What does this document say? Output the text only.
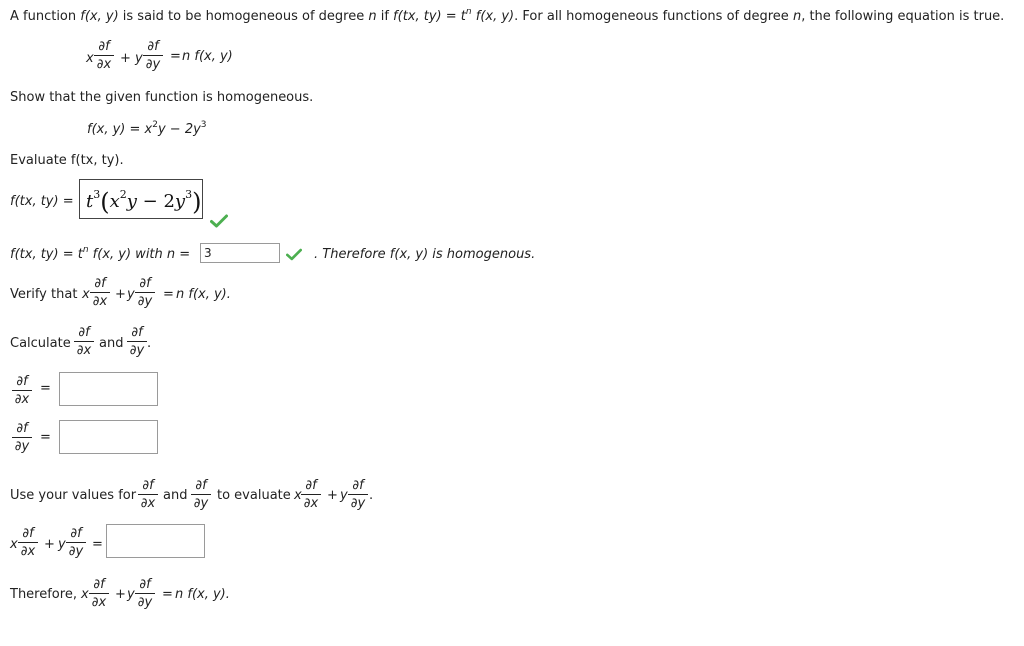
A function f(x, y) is said to be homogeneous of degree n if f(tx, $ty) = t^n$ f(x, y). For all homogeneous functions of degree n, the following equation is true.
x $\frac{\partial f}{\partial x} + y \frac{\partial f}{\partial y} = n$ f(x, y)
Show that the given function is homogeneous.
f(x, $y) = x^2y - 2y^3$
Evaluate f(tx, ty).
f(tx, $ty) = t^3(x^2y - 2y^3)$
f(tx, $ty) = t^n$ f(x, y) with n =	3	. Therefore f(x, y) is homogenous.
Verify that x $\frac{\partial f}{\partial x} + y \frac{\partial f}{\partial y} = n$ f(x, y).
Calculate $\frac{\partial f}{\partial x}$ and $\frac{\partial f}{\partial y}$ .
$\frac{\partial f}{\partial x}$ =
$\frac{\partial f}{\partial y}$ =
Use your values for $\frac{\partial f}{\partial x}$ and $\frac{\partial f}{\partial y}$ to evaluate x $\frac{\partial f}{\partial x} + y \frac{\partial f}{\partial y}$ .
x $\frac{\partial f}{\partial x} + y \frac{\partial f}{\partial y}$ =
Therefore, x $\frac{\partial f}{\partial x} + y \frac{\partial f}{\partial y} = n$ f(x, y).
